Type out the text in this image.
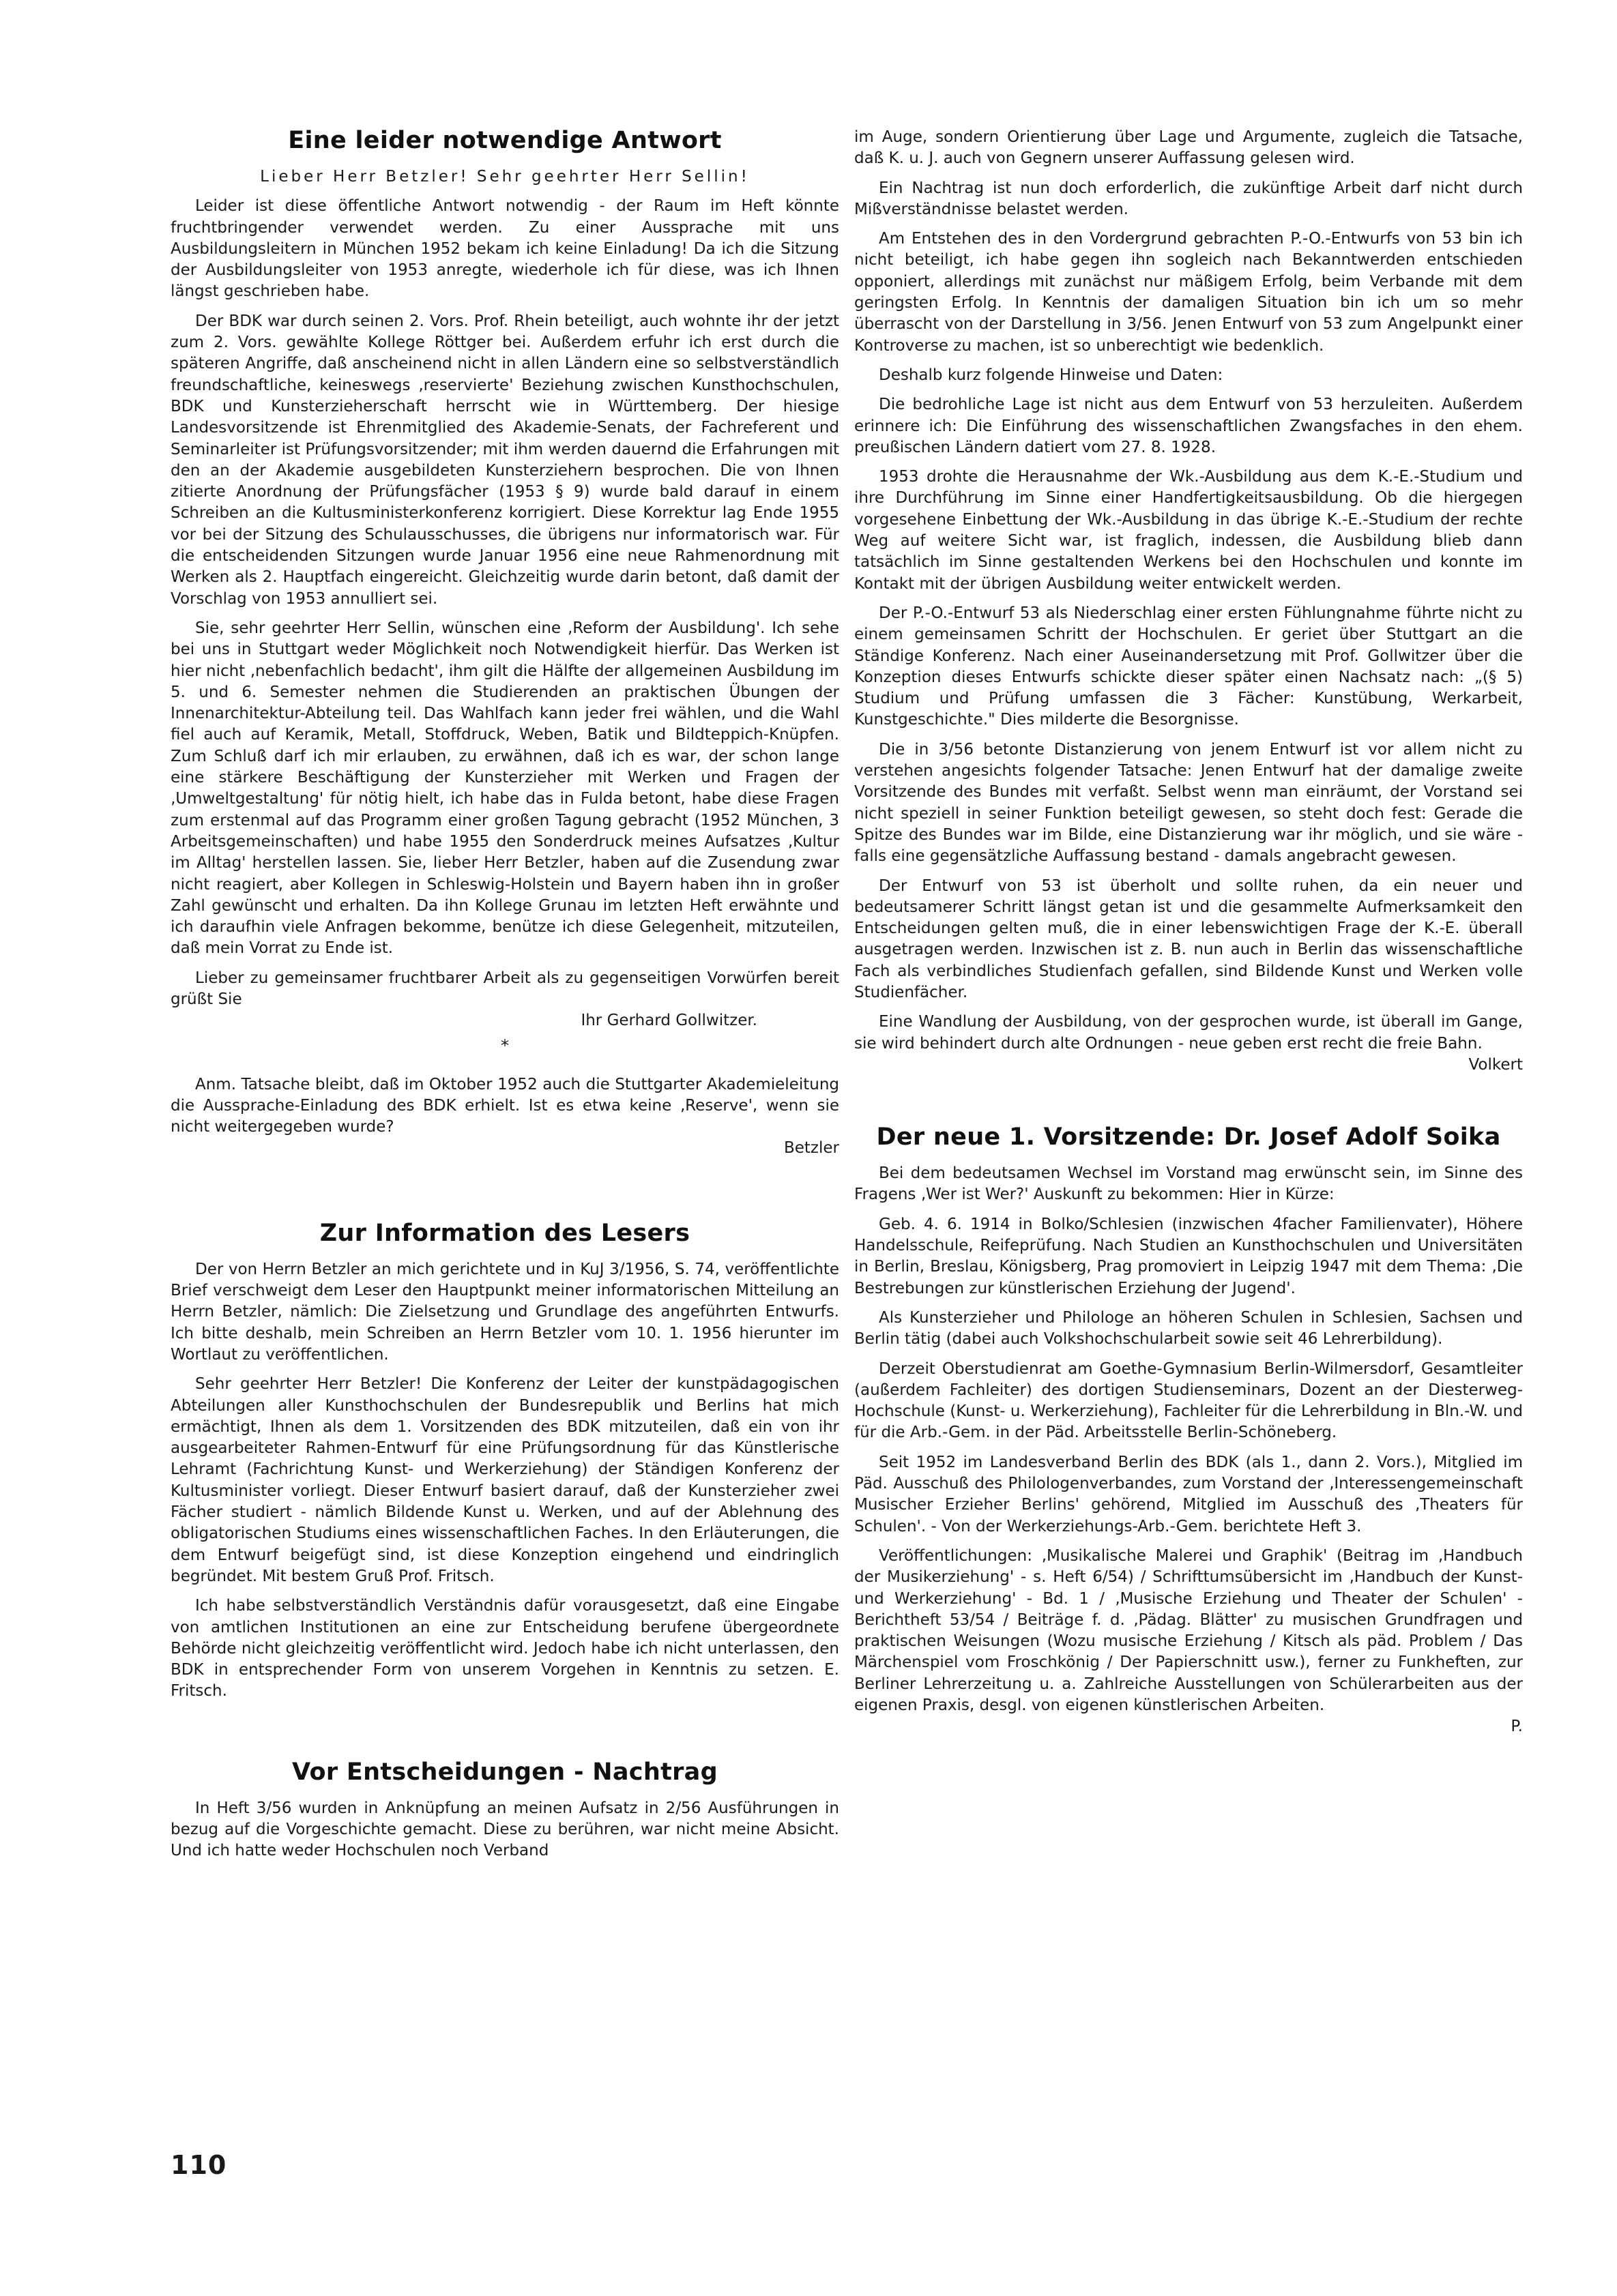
Eine leider notwendige Antwort

Lieber Herr Betzler! Sehr geehrter Herr Sellin!

Leider ist diese öffentliche Antwort notwendig - der Raum im Heft könnte fruchtbringender verwendet werden. Zu einer Aussprache mit uns Ausbildungsleitern in München 1952 bekam ich keine Einladung! Da ich die Sitzung der Ausbildungsleiter von 1953 anregte, wiederhole ich für diese, was ich Ihnen längst geschrieben habe.

Der BDK war durch seinen 2. Vors. Prof. Rhein beteiligt, auch wohnte ihr der jetzt zum 2. Vors. gewählte Kollege Röttger bei. Außerdem erfuhr ich erst durch die späteren Angriffe, daß anscheinend nicht in allen Ländern eine so selbstverständlich freundschaftliche, keineswegs ‚reservierte' Beziehung zwischen Kunsthochschulen, BDK und Kunsterzieherschaft herrscht wie in Württemberg. Der hiesige Landesvorsitzende ist Ehrenmitglied des Akademie-Senats, der Fachreferent und Seminarleiter ist Prüfungsvorsitzender; mit ihm werden dauernd die Erfahrungen mit den an der Akademie ausgebildeten Kunsterziehern besprochen. Die von Ihnen zitierte Anordnung der Prüfungsfächer (1953 § 9) wurde bald darauf in einem Schreiben an die Kultusministerkonferenz korrigiert. Diese Korrektur lag Ende 1955 vor bei der Sitzung des Schulausschusses, die übrigens nur informatorisch war. Für die entscheidenden Sitzungen wurde Januar 1956 eine neue Rahmenordnung mit Werken als 2. Hauptfach eingereicht. Gleichzeitig wurde darin betont, daß damit der Vorschlag von 1953 annulliert sei.

Sie, sehr geehrter Herr Sellin, wünschen eine ‚Reform der Ausbildung'. Ich sehe bei uns in Stuttgart weder Möglichkeit noch Notwendigkeit hierfür. Das Werken ist hier nicht ‚nebenfachlich bedacht', ihm gilt die Hälfte der allgemeinen Ausbildung im 5. und 6. Semester nehmen die Studierenden an praktischen Übungen der Innenarchitektur-Abteilung teil. Das Wahlfach kann jeder frei wählen, und die Wahl fiel auch auf Keramik, Metall, Stoffdruck, Weben, Batik und Bildteppich-Knüpfen. Zum Schluß darf ich mir erlauben, zu erwähnen, daß ich es war, der schon lange eine stärkere Beschäftigung der Kunsterzieher mit Werken und Fragen der ‚Umweltgestaltung' für nötig hielt, ich habe das in Fulda betont, habe diese Fragen zum erstenmal auf das Programm einer großen Tagung gebracht (1952 München, 3 Arbeitsgemeinschaften) und habe 1955 den Sonderdruck meines Aufsatzes ‚Kultur im Alltag' herstellen lassen. Sie, lieber Herr Betzler, haben auf die Zusendung zwar nicht reagiert, aber Kollegen in Schleswig-Holstein und Bayern haben ihn in großer Zahl gewünscht und erhalten. Da ihn Kollege Grunau im letzten Heft erwähnte und ich daraufhin viele Anfragen bekomme, benütze ich diese Gelegenheit, mitzuteilen, daß mein Vorrat zu Ende ist.

Lieber zu gemeinsamer fruchtbarer Arbeit als zu gegenseitigen Vorwürfen bereit grüßt Sie

Ihr Gerhard Gollwitzer.
*

Anm. Tatsache bleibt, daß im Oktober 1952 auch die Stuttgarter Akademieleitung die Aussprache-Einladung des BDK erhielt. Ist es etwa keine ‚Reserve', wenn sie nicht weitergegeben wurde?

Betzler
Zur Information des Lesers

Der von Herrn Betzler an mich gerichtete und in KuJ 3/1956, S. 74, veröffentlichte Brief verschweigt dem Leser den Hauptpunkt meiner informatorischen Mitteilung an Herrn Betzler, nämlich: Die Zielsetzung und Grundlage des angeführten Entwurfs. Ich bitte deshalb, mein Schreiben an Herrn Betzler vom 10. 1. 1956 hierunter im Wortlaut zu veröffentlichen.

Sehr geehrter Herr Betzler! Die Konferenz der Leiter der kunstpädagogischen Abteilungen aller Kunsthochschulen der Bundesrepublik und Berlins hat mich ermächtigt, Ihnen als dem 1. Vorsitzenden des BDK mitzuteilen, daß ein von ihr ausgearbeiteter Rahmen-Entwurf für eine Prüfungsordnung für das Künstlerische Lehramt (Fachrichtung Kunst- und Werkerziehung) der Ständigen Konferenz der Kultusminister vorliegt. Dieser Entwurf basiert darauf, daß der Kunsterzieher zwei Fächer studiert - nämlich Bildende Kunst u. Werken, und auf der Ablehnung des obligatorischen Studiums eines wissenschaftlichen Faches. In den Erläuterungen, die dem Entwurf beigefügt sind, ist diese Konzeption eingehend und eindringlich begründet. Mit bestem Gruß Prof. Fritsch.

Ich habe selbstverständlich Verständnis dafür vorausgesetzt, daß eine Eingabe von amtlichen Institutionen an eine zur Entscheidung berufene übergeordnete Behörde nicht gleichzeitig veröffentlicht wird. Jedoch habe ich nicht unterlassen, den BDK in entsprechender Form von unserem Vorgehen in Kenntnis zu setzen. E. Fritsch.

Vor Entscheidungen - Nachtrag

In Heft 3/56 wurden in Anknüpfung an meinen Aufsatz in 2/56 Ausführungen in bezug auf die Vorgeschichte gemacht. Diese zu berühren, war nicht meine Absicht. Und ich hatte weder Hochschulen noch Verband

im Auge, sondern Orientierung über Lage und Argumente, zugleich die Tatsache, daß K. u. J. auch von Gegnern unserer Auffassung gelesen wird.

Ein Nachtrag ist nun doch erforderlich, die zukünftige Arbeit darf nicht durch Mißverständnisse belastet werden.

Am Entstehen des in den Vordergrund gebrachten P.-O.-Entwurfs von 53 bin ich nicht beteiligt, ich habe gegen ihn sogleich nach Bekanntwerden entschieden opponiert, allerdings mit zunächst nur mäßigem Erfolg, beim Verbande mit dem geringsten Erfolg. In Kenntnis der damaligen Situation bin ich um so mehr überrascht von der Darstellung in 3/56. Jenen Entwurf von 53 zum Angelpunkt einer Kontroverse zu machen, ist so unberechtigt wie bedenklich.

Deshalb kurz folgende Hinweise und Daten:

Die bedrohliche Lage ist nicht aus dem Entwurf von 53 herzuleiten. Außerdem erinnere ich: Die Einführung des wissenschaftlichen Zwangsfaches in den ehem. preußischen Ländern datiert vom 27. 8. 1928.

1953 drohte die Herausnahme der Wk.-Ausbildung aus dem K.-E.-Studium und ihre Durchführung im Sinne einer Handfertigkeitsausbildung. Ob die hiergegen vorgesehene Einbettung der Wk.-Ausbildung in das übrige K.-E.-Studium der rechte Weg auf weitere Sicht war, ist fraglich, indessen, die Ausbildung blieb dann tatsächlich im Sinne gestaltenden Werkens bei den Hochschulen und konnte im Kontakt mit der übrigen Ausbildung weiter entwickelt werden.

Der P.-O.-Entwurf 53 als Niederschlag einer ersten Fühlungnahme führte nicht zu einem gemeinsamen Schritt der Hochschulen. Er geriet über Stuttgart an die Ständige Konferenz. Nach einer Auseinandersetzung mit Prof. Gollwitzer über die Konzeption dieses Entwurfs schickte dieser später einen Nachsatz nach: „(§ 5) Studium und Prüfung umfassen die 3 Fächer: Kunstübung, Werkarbeit, Kunstgeschichte." Dies milderte die Besorgnisse.

Die in 3/56 betonte Distanzierung von jenem Entwurf ist vor allem nicht zu verstehen angesichts folgender Tatsache: Jenen Entwurf hat der damalige zweite Vorsitzende des Bundes mit verfaßt. Selbst wenn man einräumt, der Vorstand sei nicht speziell in seiner Funktion beteiligt gewesen, so steht doch fest: Gerade die Spitze des Bundes war im Bilde, eine Distanzierung war ihr möglich, und sie wäre - falls eine gegensätzliche Auffassung bestand - damals angebracht gewesen.

Der Entwurf von 53 ist überholt und sollte ruhen, da ein neuer und bedeutsamerer Schritt längst getan ist und die gesammelte Aufmerksamkeit den Entscheidungen gelten muß, die in einer lebenswichtigen Frage der K.-E. überall ausgetragen werden. Inzwischen ist z. B. nun auch in Berlin das wissenschaftliche Fach als verbindliches Studienfach gefallen, sind Bildende Kunst und Werken volle Studienfächer.

Eine Wandlung der Ausbildung, von der gesprochen wurde, ist überall im Gange, sie wird behindert durch alte Ordnungen - neue geben erst recht die freie Bahn.

Volkert
Der neue 1. Vorsitzende: Dr. Josef Adolf Soika

Bei dem bedeutsamen Wechsel im Vorstand mag erwünscht sein, im Sinne des Fragens ‚Wer ist Wer?' Auskunft zu bekommen: Hier in Kürze:

Geb. 4. 6. 1914 in Bolko/Schlesien (inzwischen 4facher Familienvater), Höhere Handelsschule, Reifeprüfung. Nach Studien an Kunsthochschulen und Universitäten in Berlin, Breslau, Königsberg, Prag promoviert in Leipzig 1947 mit dem Thema: ‚Die Bestrebungen zur künstlerischen Erziehung der Jugend'.

Als Kunsterzieher und Philologe an höheren Schulen in Schlesien, Sachsen und Berlin tätig (dabei auch Volkshochschularbeit sowie seit 46 Lehrerbildung).

Derzeit Oberstudienrat am Goethe-Gymnasium Berlin-Wilmersdorf, Gesamtleiter (außerdem Fachleiter) des dortigen Studienseminars, Dozent an der Diesterweg-Hochschule (Kunst- u. Werkerziehung), Fachleiter für die Lehrerbildung in Bln.-W. und für die Arb.-Gem. in der Päd. Arbeitsstelle Berlin-Schöneberg.

Seit 1952 im Landesverband Berlin des BDK (als 1., dann 2. Vors.), Mitglied im Päd. Ausschuß des Philologenverbandes, zum Vorstand der ‚Interessengemeinschaft Musischer Erzieher Berlins' gehörend, Mitglied im Ausschuß des ‚Theaters für Schulen'. - Von der Werkerziehungs-Arb.-Gem. berichtete Heft 3.

Veröffentlichungen: ‚Musikalische Malerei und Graphik' (Beitrag im ‚Handbuch der Musikerziehung' - s. Heft 6/54) / Schrifttumsübersicht im ‚Handbuch der Kunst- und Werkerziehung' - Bd. 1 / ‚Musische Erziehung und Theater der Schulen' - Berichtheft 53/54 / Beiträge f. d. ‚Pädag. Blätter' zu musischen Grundfragen und praktischen Weisungen (Wozu musische Erziehung / Kitsch als päd. Problem / Das Märchenspiel vom Froschkönig / Der Papierschnitt usw.), ferner zu Funkheften, zur Berliner Lehrerzeitung u. a. Zahlreiche Ausstellungen von Schülerarbeiten aus der eigenen Praxis, desgl. von eigenen künstlerischen Arbeiten.

P.
110
